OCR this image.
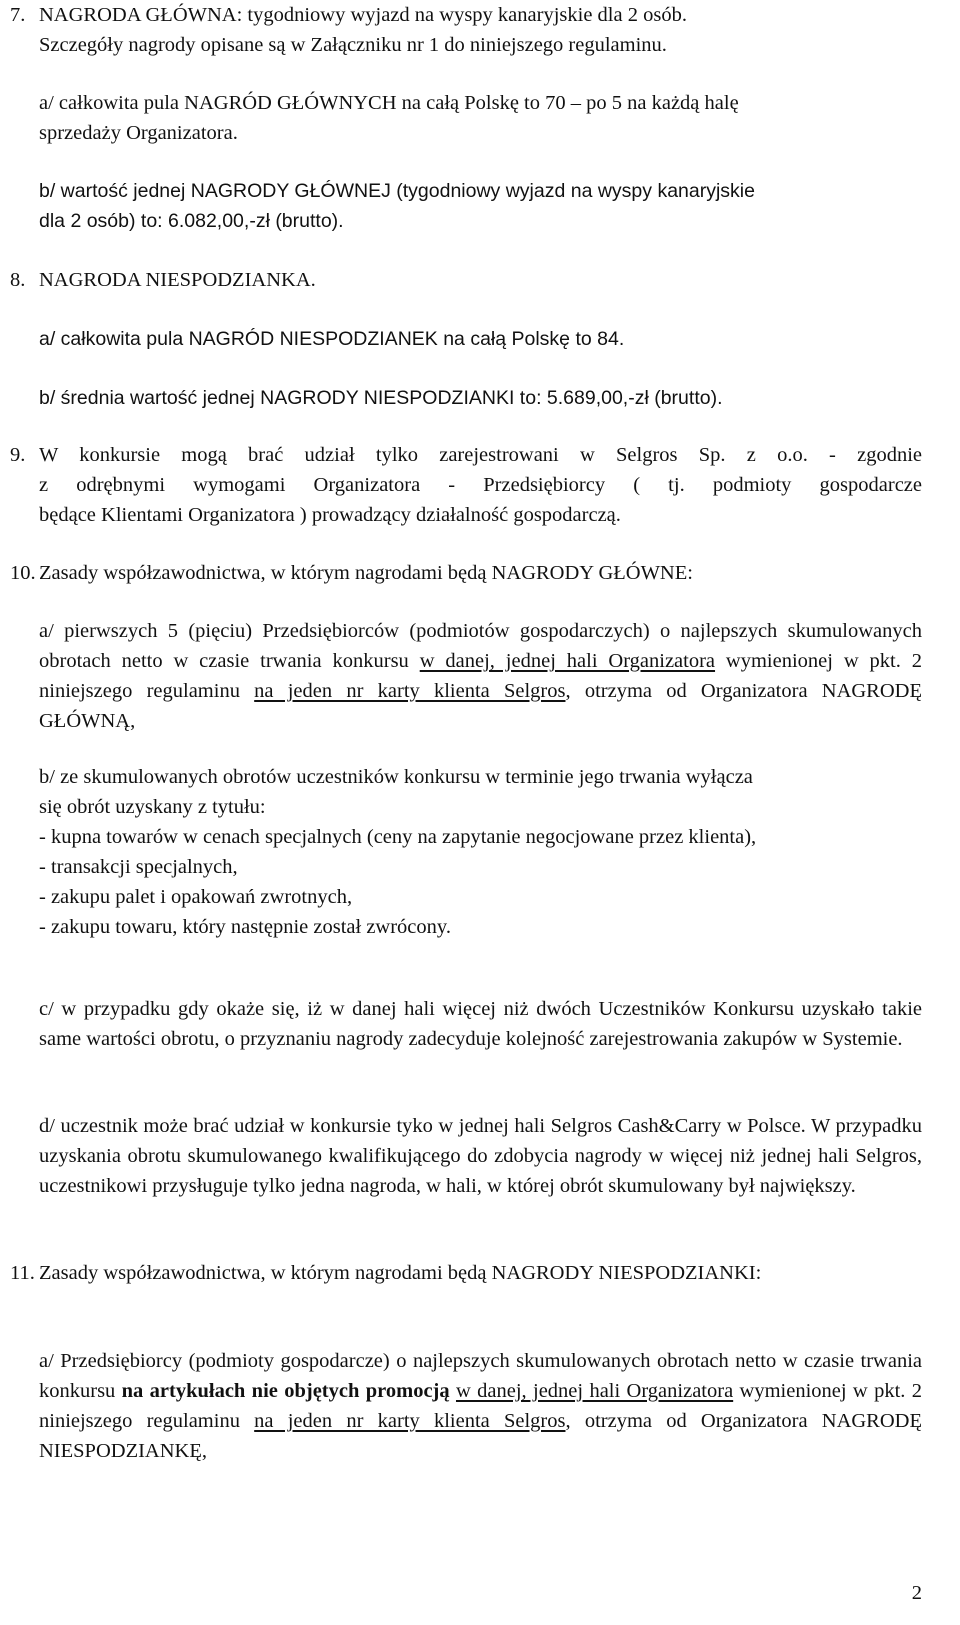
7. NAGRODA GŁÓWNA: tygodniowy wyjazd na wyspy kanaryjskie dla 2 osób.
Szczegóły nagrody opisane są w Załączniku nr 1 do niniejszego regulaminu.
a/ całkowita pula NAGRÓD GŁÓWNYCH na całą Polskę to 70 – po 5 na każdą halę
sprzedaży Organizatora.
b/ wartość jednej NAGRODY GŁÓWNEJ (tygodniowy wyjazd na wyspy kanaryjskie
dla 2 osób) to: 6.082,00,-zł (brutto).
8. NAGRODA NIESPODZIANKA.
a/ całkowita pula NAGRÓD NIESPODZIANEK na całą Polskę to 84.
b/ średnia wartość jednej NAGRODY NIESPODZIANKI to: 5.689,00,-zł (brutto).
9. W konkursie mogą brać udział tylko zarejestrowani w Selgros Sp. z o.o. - zgodnie
z odrębnymi wymogami Organizatora - Przedsiębiorcy ( tj. podmioty gospodarcze
będące Klientami Organizatora ) prowadzący działalność gospodarczą.
10. Zasady współzawodnictwa, w którym nagrodami będą NAGRODY GŁÓWNE:
a/ pierwszych 5 (pięciu) Przedsiębiorców (podmiotów gospodarczych) o najlepszych skumulowanych obrotach netto w czasie trwania konkursu w danej, jednej hali Organizatora wymienionej w pkt. 2 niniejszego regulaminu na jeden nr karty klienta Selgros, otrzyma od Organizatora NAGRODĘ GŁÓWNĄ,
b/ ze skumulowanych obrotów uczestników konkursu w terminie jego trwania wyłącza
się obrót uzyskany z tytułu:
- kupna towarów w cenach specjalnych (ceny na zapytanie negocjowane przez klienta),
- transakcji specjalnych,
- zakupu palet i opakowań zwrotnych,
- zakupu towaru, który następnie został zwrócony.
c/ w przypadku gdy okaże się, iż w danej hali więcej niż dwóch Uczestników Konkursu uzyskało takie same wartości obrotu, o przyznaniu nagrody zadecyduje kolejność zarejestrowania zakupów w Systemie.
d/ uczestnik może brać udział w konkursie tyko w jednej hali Selgros Cash&Carry w Polsce. W przypadku uzyskania obrotu skumulowanego kwalifikującego do zdobycia nagrody w więcej niż jednej hali Selgros, uczestnikowi przysługuje tylko jedna nagroda, w hali, w której obrót skumulowany był największy.
11. Zasady współzawodnictwa, w którym nagrodami będą NAGRODY NIESPODZIANKI:
a/ Przedsiębiorcy (podmioty gospodarcze) o najlepszych skumulowanych obrotach netto w czasie trwania konkursu na artykułach nie objętych promocją w danej, jednej hali Organizatora wymienionej w pkt. 2 niniejszego regulaminu na jeden nr karty klienta Selgros, otrzyma od Organizatora NAGRODĘ NIESPODZIANKĘ,
2
